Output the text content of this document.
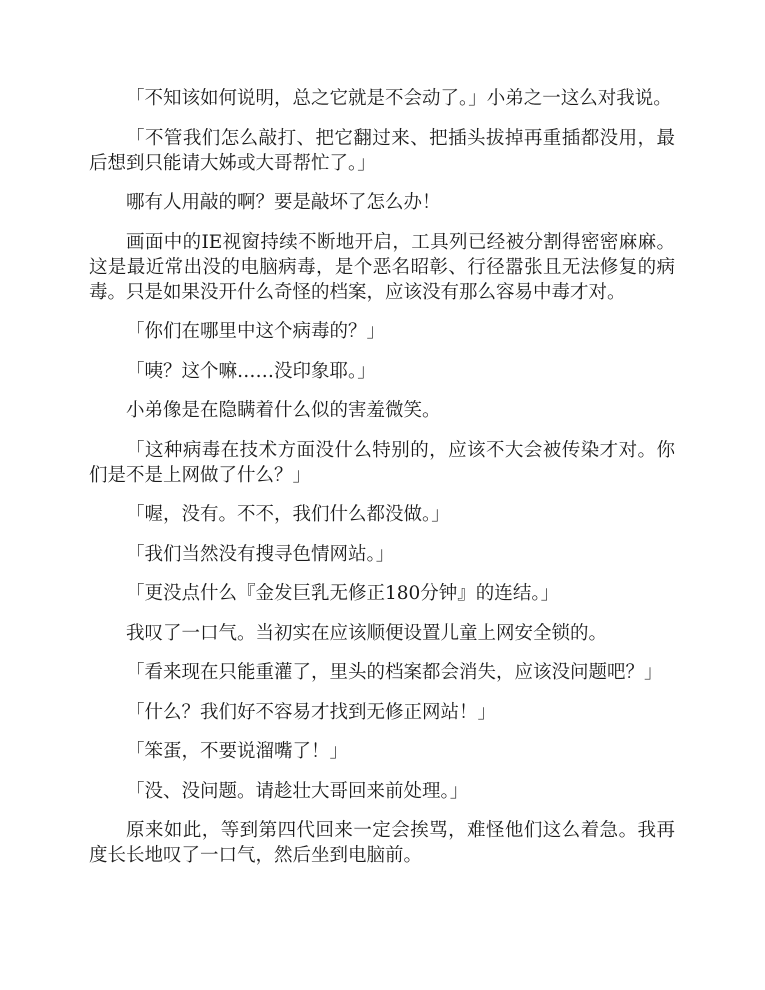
「不知该如何说明，总之它就是不会动了。」小弟之一这么对我说。

「不管我们怎么敲打、把它翻过来、把插头拔掉再重插都没用，最后想到只能请大姊或大哥帮忙了。」

哪有人用敲的啊？要是敲坏了怎么办！

画面中的IE视窗持续不断地开启，工具列已经被分割得密密麻麻。这是最近常出没的电脑病毒，是个恶名昭彰、行径嚣张且无法修复的病毒。只是如果没开什么奇怪的档案，应该没有那么容易中毒才对。

「你们在哪里中这个病毒的？」

「咦？这个嘛……没印象耶。」

小弟像是在隐瞒着什么似的害羞微笑。

「这种病毒在技术方面没什么特别的，应该不大会被传染才对。你们是不是上网做了什么？」

「喔，没有。不不，我们什么都没做。」

「我们当然没有搜寻色情网站。」

「更没点什么『金发巨乳无修正180分钟』的连结。」

我叹了一口气。当初实在应该顺便设置儿童上网安全锁的。

「看来现在只能重灌了，里头的档案都会消失，应该没问题吧？」

「什么？我们好不容易才找到无修正网站！」

「笨蛋，不要说溜嘴了！」

「没、没问题。请趁壮大哥回来前处理。」

原来如此，等到第四代回来一定会挨骂，难怪他们这么着急。我再度长长地叹了一口气，然后坐到电脑前。
